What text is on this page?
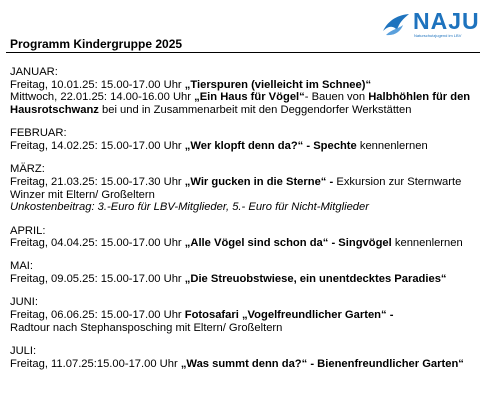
NAJU
Naturschutzjugend im LBV
Programm Kindergruppe 2025
JANUAR:
Freitag, 10.01.25: 15.00-17.00 Uhr „Tierspuren (vielleicht im Schnee)“
Mittwoch, 22.01.25: 14.00-16.00 Uhr „Ein Haus für Vögel“- Bauen von Halbhöhlen für den Hausrotschwanz bei und in Zusammenarbeit mit den Deggendorfer Werkstätten
FEBRUAR:
Freitag, 14.02.25: 15.00-17.00 Uhr „Wer klopft denn da?“ - Spechte kennenlernen
MÄRZ:
Freitag, 21.03.25: 15.00-17.30 Uhr „Wir gucken in die Sterne“ - Exkursion zur Sternwarte
Winzer mit Eltern/ Großeltern
Unkostenbeitrag: 3.-Euro für LBV-Mitglieder, 5.- Euro für Nicht-Mitglieder
APRIL:
Freitag, 04.04.25: 15.00-17.00 Uhr „Alle Vögel sind schon da“ - Singvögel kennenlernen
MAI:
Freitag, 09.05.25: 15.00-17.00 Uhr „Die Streuobstwiese, ein unentdecktes Paradies“
JUNI:
Freitag, 06.06.25: 15.00-17.00 Uhr Fotosafari „Vogelfreundlicher Garten“ -
Radtour nach Stephansposching mit Eltern/ Großeltern
JULI:
Freitag, 11.07.25:15.00-17.00 Uhr „Was summt denn da?“ - Bienenfreundlicher Garten“
